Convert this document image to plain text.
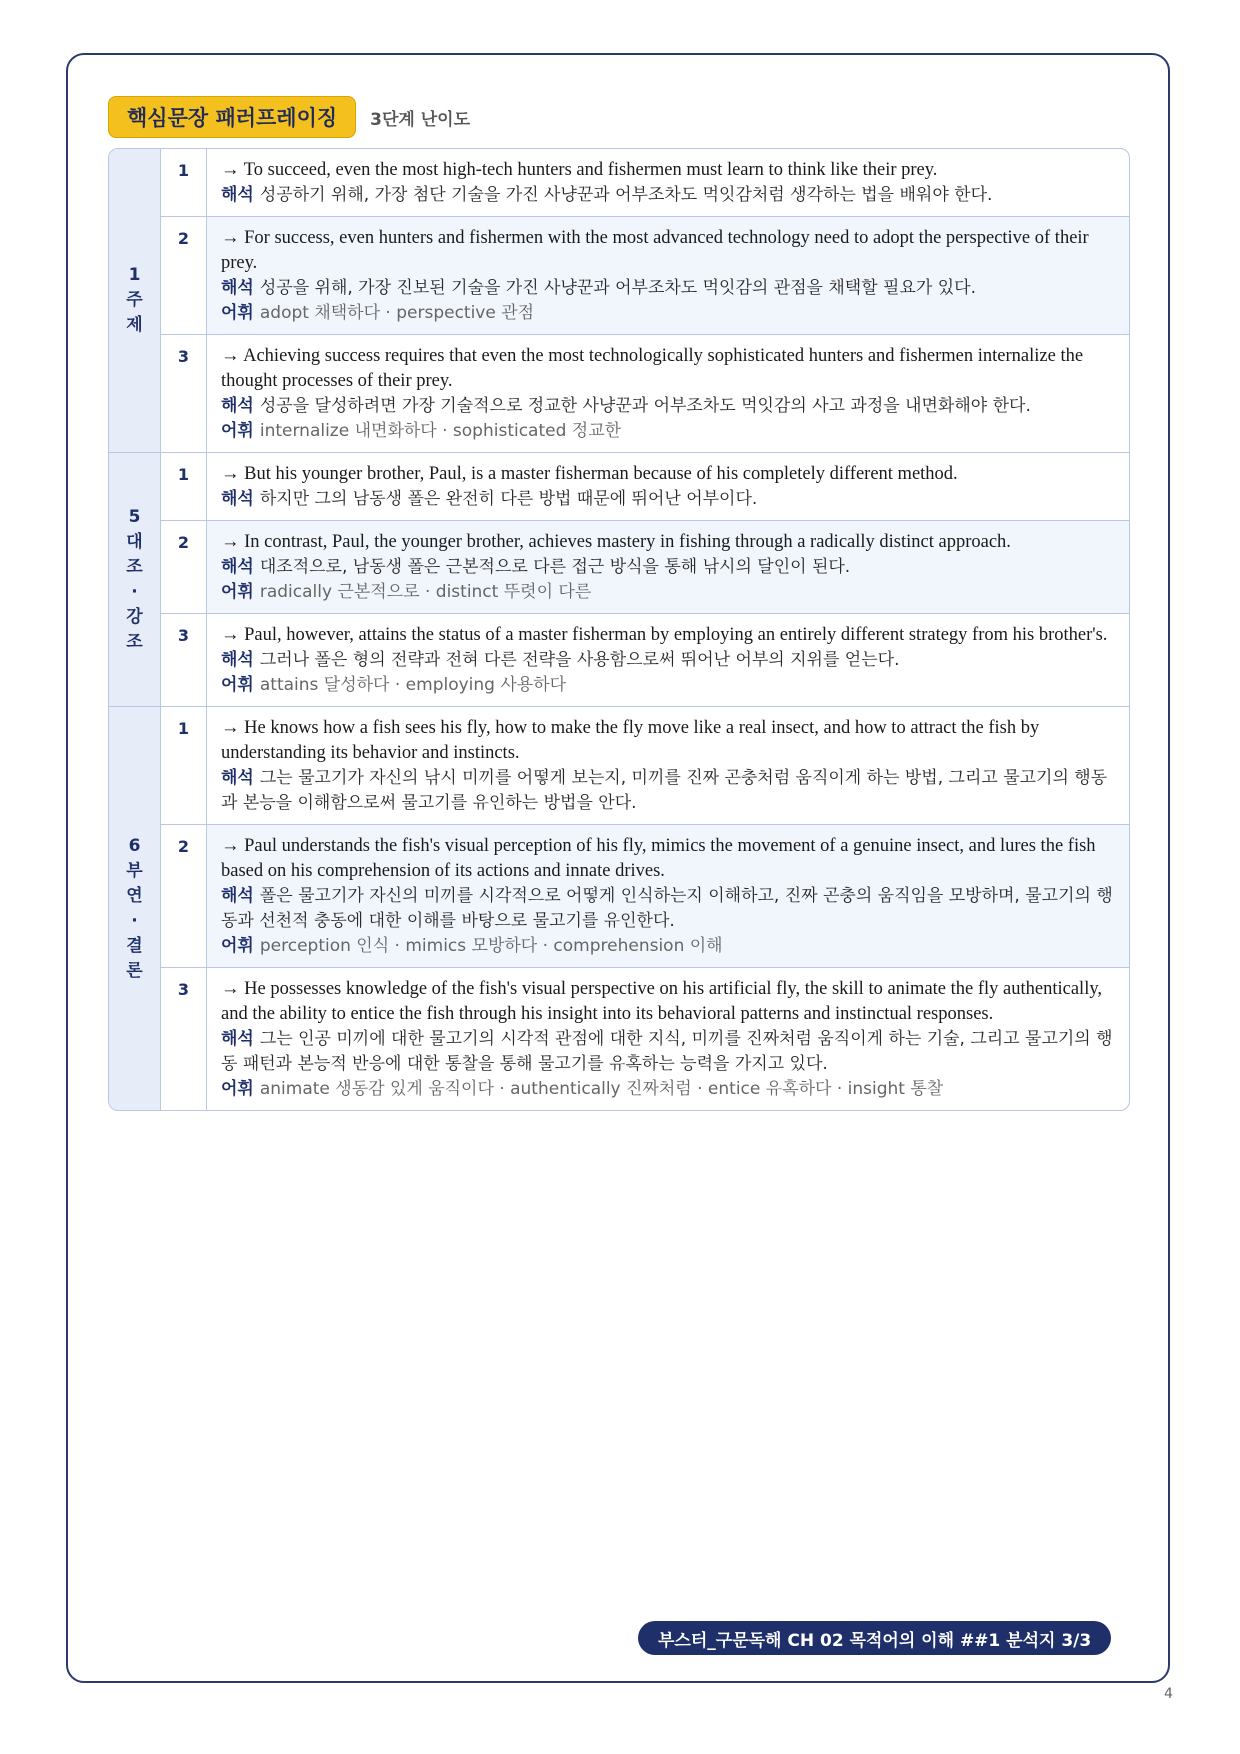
핵심문장 패러프레이징	3단계 난이도
1주제
1	→ To succeed, even the most high-tech hunters and fishermen must learn to think like their prey.
해석 성공하기 위해, 가장 첨단 기술을 가진 사냥꾼과 어부조차도 먹잇감처럼 생각하는 법을 배워야 한다.
2	→ For success, even hunters and fishermen with the most advanced technology need to adopt the perspective of their prey.
해석 성공을 위해, 가장 진보된 기술을 가진 사냥꾼과 어부조차도 먹잇감의 관점을 채택할 필요가 있다.
어휘 adopt 채택하다 · perspective 관점
3	→ Achieving success requires that even the most technologically sophisticated hunters and fishermen internalize the thought processes of their prey.
해석 성공을 달성하려면 가장 기술적으로 정교한 사냥꾼과 어부조차도 먹잇감의 사고 과정을 내면화해야 한다.
어휘 internalize 내면화하다 · sophisticated 정교한
5대조·강조
1	→ But his younger brother, Paul, is a master fisherman because of his completely different method.
해석 하지만 그의 남동생 폴은 완전히 다른 방법 때문에 뛰어난 어부이다.
2	→ In contrast, Paul, the younger brother, achieves mastery in fishing through a radically distinct approach.
해석 대조적으로, 남동생 폴은 근본적으로 다른 접근 방식을 통해 낚시의 달인이 된다.
어휘 radically 근본적으로 · distinct 뚜렷이 다른
3	→ Paul, however, attains the status of a master fisherman by employing an entirely different strategy from his brother's.
해석 그러나 폴은 형의 전략과 전혀 다른 전략을 사용함으로써 뛰어난 어부의 지위를 얻는다.
어휘 attains 달성하다 · employing 사용하다
6부연·결론
1	→ He knows how a fish sees his fly, how to make the fly move like a real insect, and how to attract the fish by understanding its behavior and instincts.
해석 그는 물고기가 자신의 낚시 미끼를 어떻게 보는지, 미끼를 진짜 곤충처럼 움직이게 하는 방법, 그리고 물고기의 행동과 본능을 이해함으로써 물고기를 유인하는 방법을 안다.
2	→ Paul understands the fish's visual perception of his fly, mimics the movement of a genuine insect, and lures the fish based on his comprehension of its actions and innate drives.
해석 폴은 물고기가 자신의 미끼를 시각적으로 어떻게 인식하는지 이해하고, 진짜 곤충의 움직임을 모방하며, 물고기의 행동과 선천적 충동에 대한 이해를 바탕으로 물고기를 유인한다.
어휘 perception 인식 · mimics 모방하다 · comprehension 이해
3	→ He possesses knowledge of the fish's visual perspective on his artificial fly, the skill to animate the fly authentically, and the ability to entice the fish through his insight into its behavioral patterns and instinctual responses.
해석 그는 인공 미끼에 대한 물고기의 시각적 관점에 대한 지식, 미끼를 진짜처럼 움직이게 하는 기술, 그리고 물고기의 행동 패턴과 본능적 반응에 대한 통찰을 통해 물고기를 유혹하는 능력을 가지고 있다.
어휘 animate 생동감 있게 움직이다 · authentically 진짜처럼 · entice 유혹하다 · insight 통찰
부스터_구문독해 CH 02 목적어의 이해 ##1 분석지 3/3
4
